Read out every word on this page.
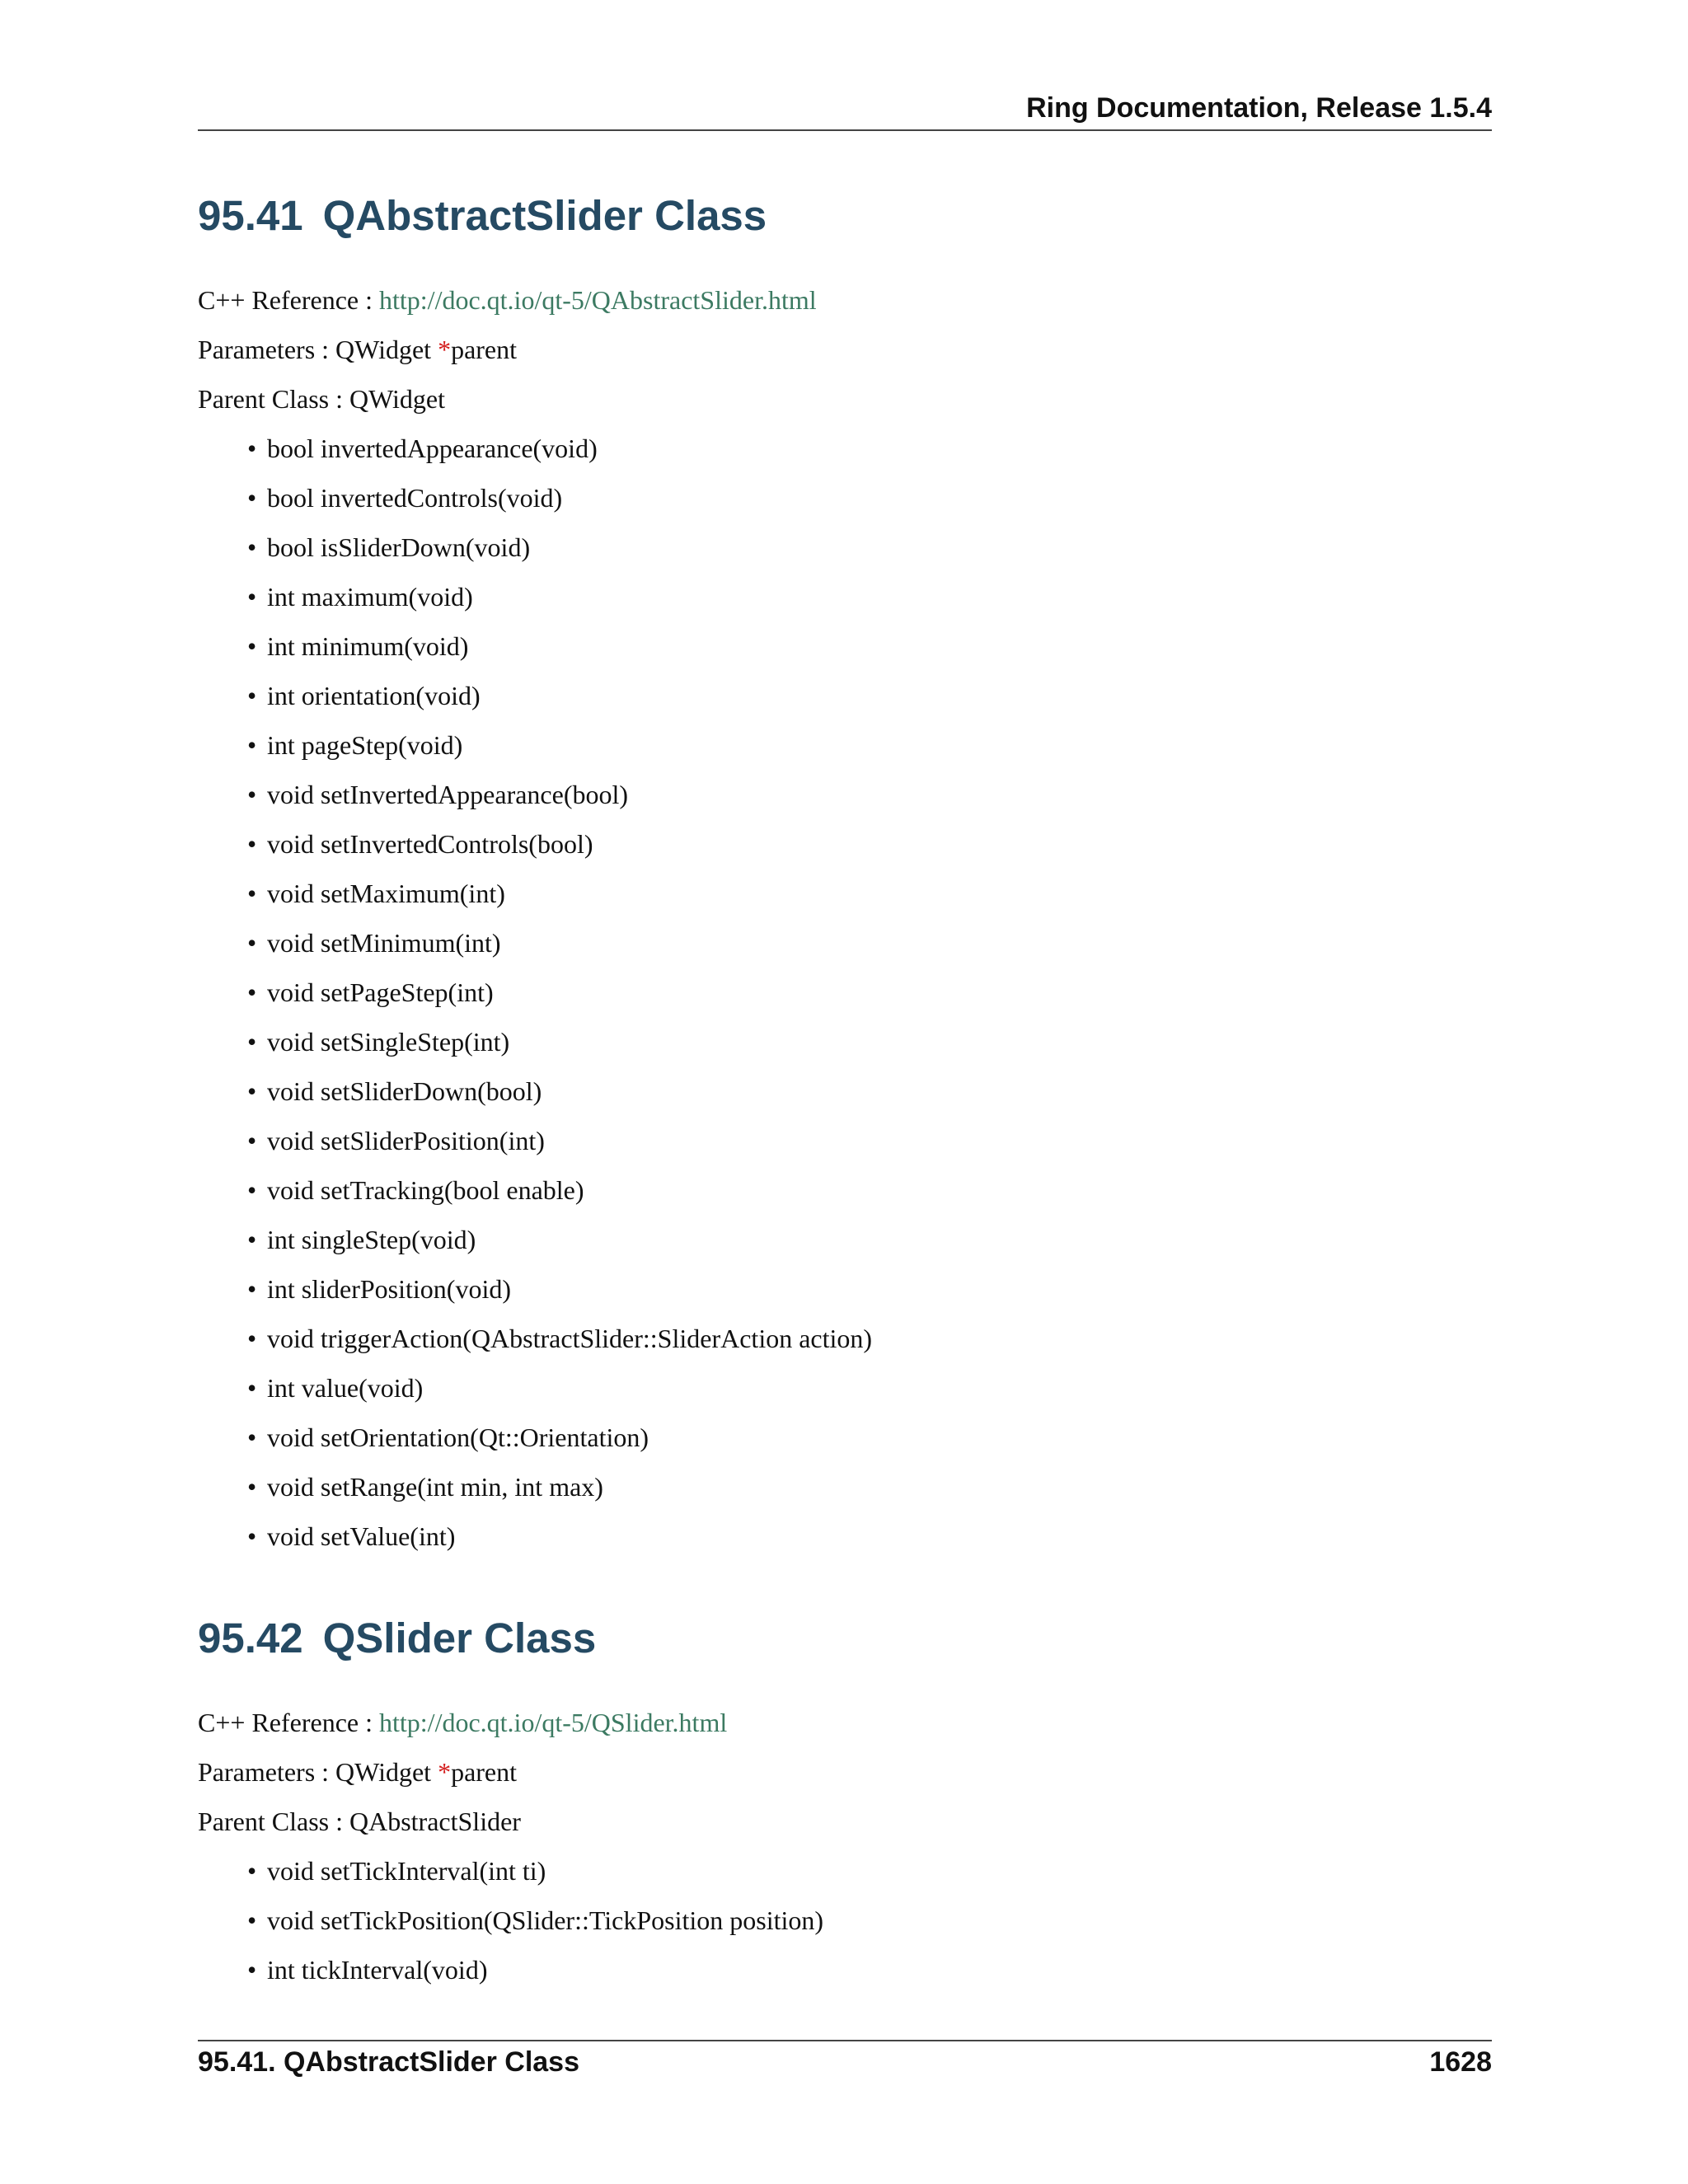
Ring Documentation, Release 1.5.4
95.41 QAbstractSlider Class
C++ Reference : http://doc.qt.io/qt-5/QAbstractSlider.html
Parameters : QWidget *parent
Parent Class : QWidget
• bool invertedAppearance(void)
• bool invertedControls(void)
• bool isSliderDown(void)
• int maximum(void)
• int minimum(void)
• int orientation(void)
• int pageStep(void)
• void setInvertedAppearance(bool)
• void setInvertedControls(bool)
• void setMaximum(int)
• void setMinimum(int)
• void setPageStep(int)
• void setSingleStep(int)
• void setSliderDown(bool)
• void setSliderPosition(int)
• void setTracking(bool enable)
• int singleStep(void)
• int sliderPosition(void)
• void triggerAction(QAbstractSlider::SliderAction action)
• int value(void)
• void setOrientation(Qt::Orientation)
• void setRange(int min, int max)
• void setValue(int)
95.42 QSlider Class
C++ Reference : http://doc.qt.io/qt-5/QSlider.html
Parameters : QWidget *parent
Parent Class : QAbstractSlider
• void setTickInterval(int ti)
• void setTickPosition(QSlider::TickPosition position)
• int tickInterval(void)
95.41. QAbstractSlider Class	1628
